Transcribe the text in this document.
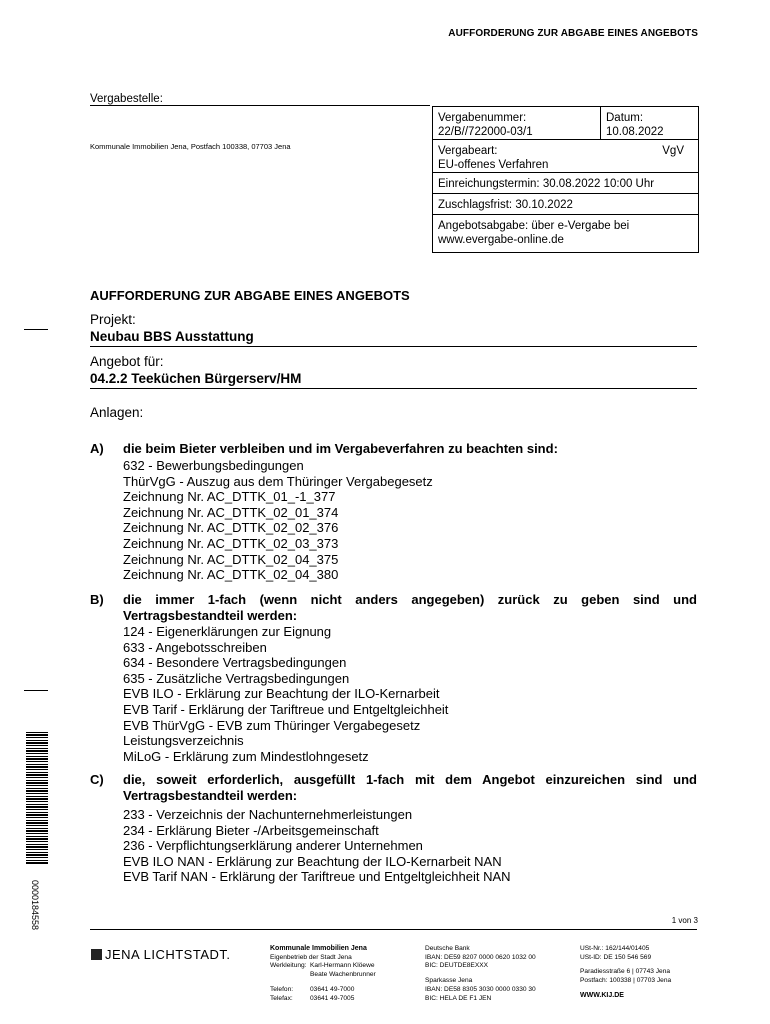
AUFFORDERUNG ZUR ABGABE EINES ANGEBOTS
Vergabestelle:
Kommunale Immobilien Jena, Postfach 100338, 07703 Jena
Vergabenummer:
22/B//722000-03/1
Datum:
10.08.2022
Vergabeart:
EU-offenes Verfahren
VgV
Einreichungstermin: 30.08.2022 10:00 Uhr
Zuschlagsfrist: 30.10.2022
Angebotsabgabe: über e-Vergabe bei
www.evergabe-online.de
AUFFORDERUNG ZUR ABGABE EINES ANGEBOTS
Projekt:
Neubau BBS Ausstattung
Angebot für:
04.2.2 Teeküchen Bürgerserv/HM
Anlagen:
A) die beim Bieter verbleiben und im Vergabeverfahren zu beachten sind:
632 - Bewerbungsbedingungen
ThürVgG - Auszug aus dem Thüringer Vergabegesetz
Zeichnung Nr. AC_DTTK_01_-1_377
Zeichnung Nr. AC_DTTK_02_01_374
Zeichnung Nr. AC_DTTK_02_02_376
Zeichnung Nr. AC_DTTK_02_03_373
Zeichnung Nr. AC_DTTK_02_04_375
Zeichnung Nr. AC_DTTK_02_04_380
B) die immer 1-fach (wenn nicht anders angegeben) zurück zu geben sind und Vertragsbestandteil werden:
124 - Eigenerklärungen zur Eignung
633 - Angebotsschreiben
634 - Besondere Vertragsbedingungen
635 - Zusätzliche Vertragsbedingungen
EVB ILO - Erklärung zur Beachtung der ILO-Kernarbeit
EVB Tarif - Erklärung der Tariftreue und Entgeltgleichheit
EVB ThürVgG - EVB zum Thüringer Vergabegesetz
Leistungsverzeichnis
MiLoG - Erklärung zum Mindestlohngesetz
C) die, soweit erforderlich, ausgefüllt 1-fach mit dem Angebot einzureichen sind und Vertragsbestandteil werden:
233 - Verzeichnis der Nachunternehmerleistungen
234 - Erklärung Bieter -/Arbeitsgemeinschaft
236 - Verpflichtungserklärung anderer Unternehmen
EVB ILO NAN - Erklärung zur Beachtung der ILO-Kernarbeit NAN
EVB Tarif NAN - Erklärung der Tariftreue und Entgeltgleichheit NAN
0000184558	1 von 3
JENA LICHTSTADT.	Kommunale Immobilien Jena
Eigenbetrieb der Stadt Jena
Werkleitung: Karl-Hermann Klöewe
Beate Wachenbrunner
Telefon:	03641 49-7000
Telefax:	03641 49-7005
Deutsche Bank
IBAN: DE59 8207 0000 0620 1032 00
BIC: DEUTDE8EXXX
Sparkasse Jena
IBAN: DE58 8305 3030 0000 0330 30
BIC: HELA DE F1 JEN
USt-Nr.: 162/144/01405
USt-ID: DE 150 546 569
Paradiesstraße 6 | 07743 Jena
Postfach: 100338 | 07703 Jena
WWW.KIJ.DE
